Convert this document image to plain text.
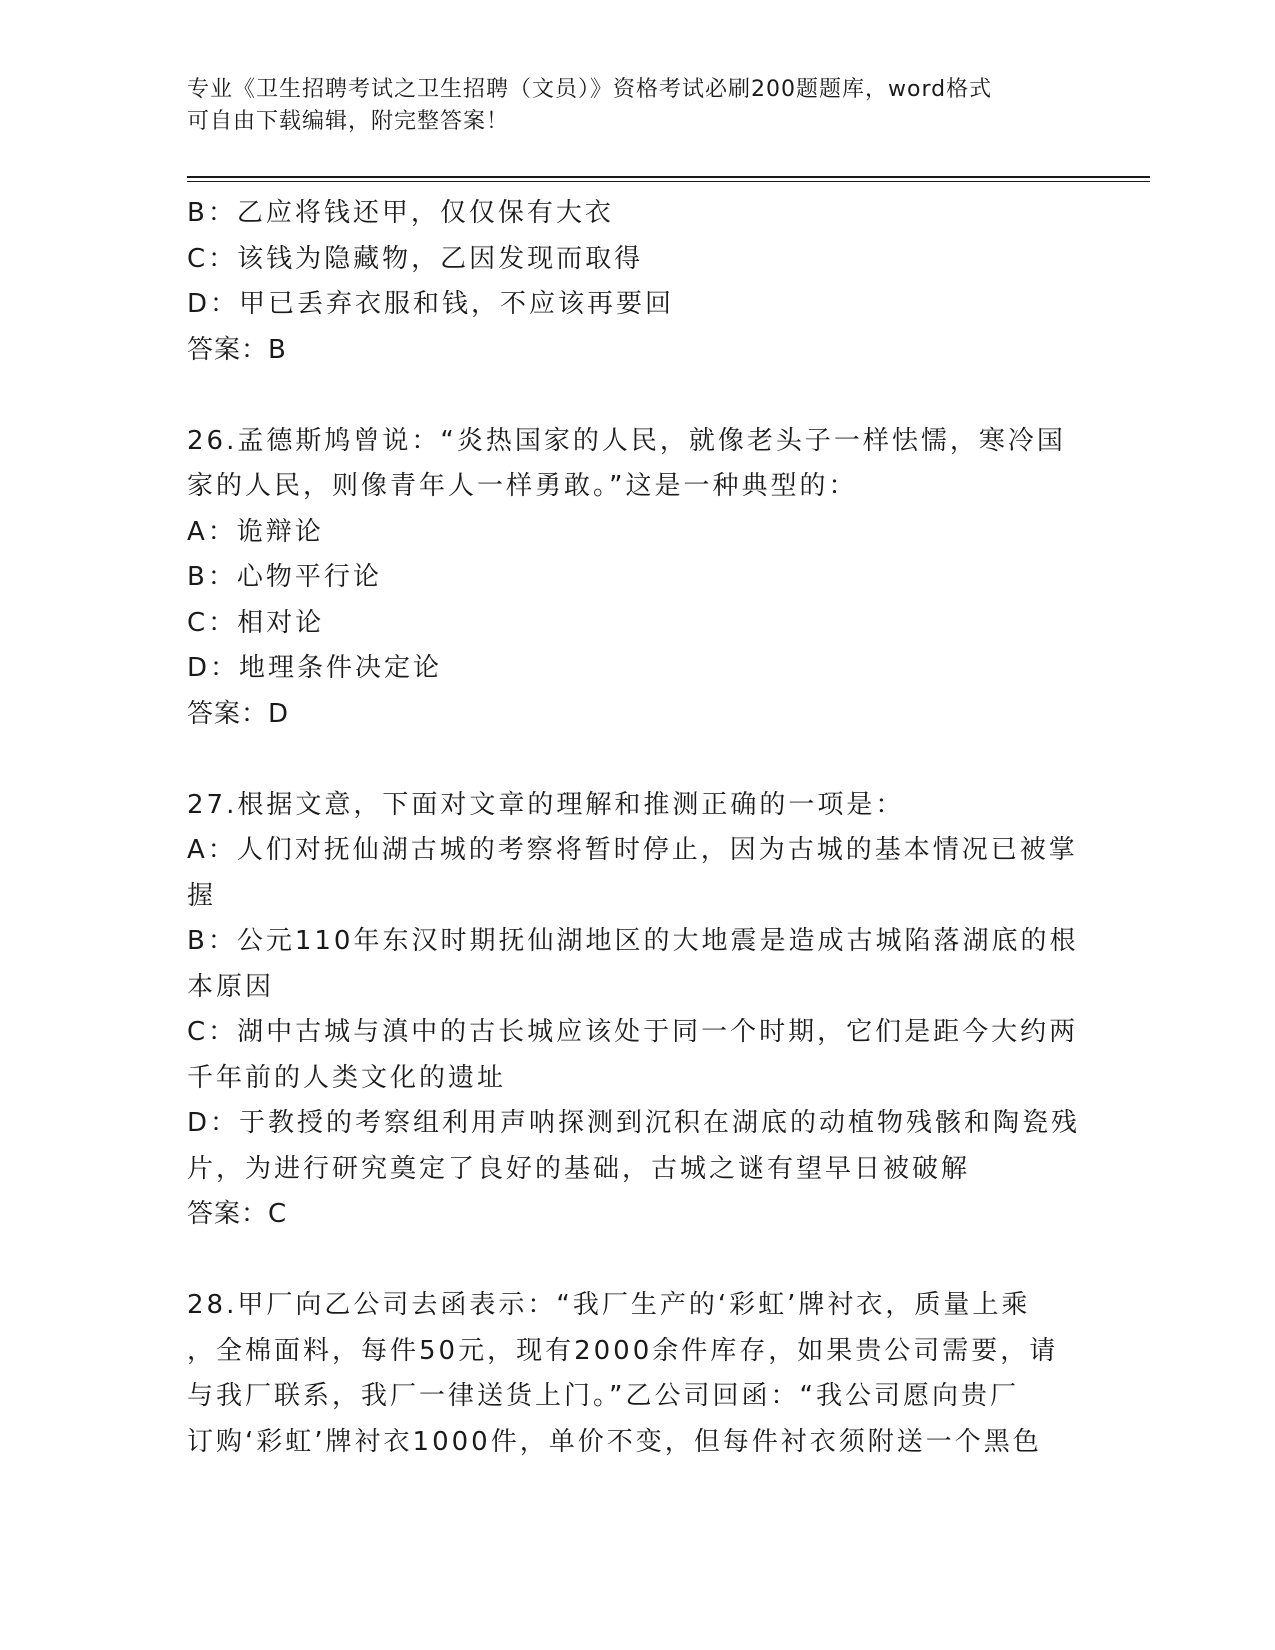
专业《卫生招聘考试之卫生招聘（文员）》资格考试必刷200题题库，word格式
可自由下载编辑，附完整答案！
B：乙应将钱还甲，仅仅保有大衣
C：该钱为隐藏物，乙因发现而取得
D：甲已丢弃衣服和钱，不应该再要回
答案：B
26.孟德斯鸠曾说：“炎热国家的人民，就像老头子一样怯懦，寒冷国
家的人民，则像青年人一样勇敢。”这是一种典型的：
A：诡辩论
B：心物平行论
C：相对论
D：地理条件决定论
答案：D
27.根据文意，下面对文章的理解和推测正确的一项是：
A：人们对抚仙湖古城的考察将暂时停止，因为古城的基本情况已被掌
握
B：公元110年东汉时期抚仙湖地区的大地震是造成古城陷落湖底的根
本原因
C：湖中古城与滇中的古长城应该处于同一个时期，它们是距今大约两
千年前的人类文化的遗址
D：于教授的考察组利用声呐探测到沉积在湖底的动植物残骸和陶瓷残
片，为进行研究奠定了良好的基础，古城之谜有望早日被破解
答案：C
28.甲厂向乙公司去函表示：“我厂生产的‘彩虹’牌衬衣，质量上乘
，全棉面料，每件50元，现有2000余件库存，如果贵公司需要，请
与我厂联系，我厂一律送货上门。”乙公司回函：“我公司愿向贵厂
订购‘彩虹’牌衬衣1000件，单价不变，但每件衬衣须附送一个黑色
